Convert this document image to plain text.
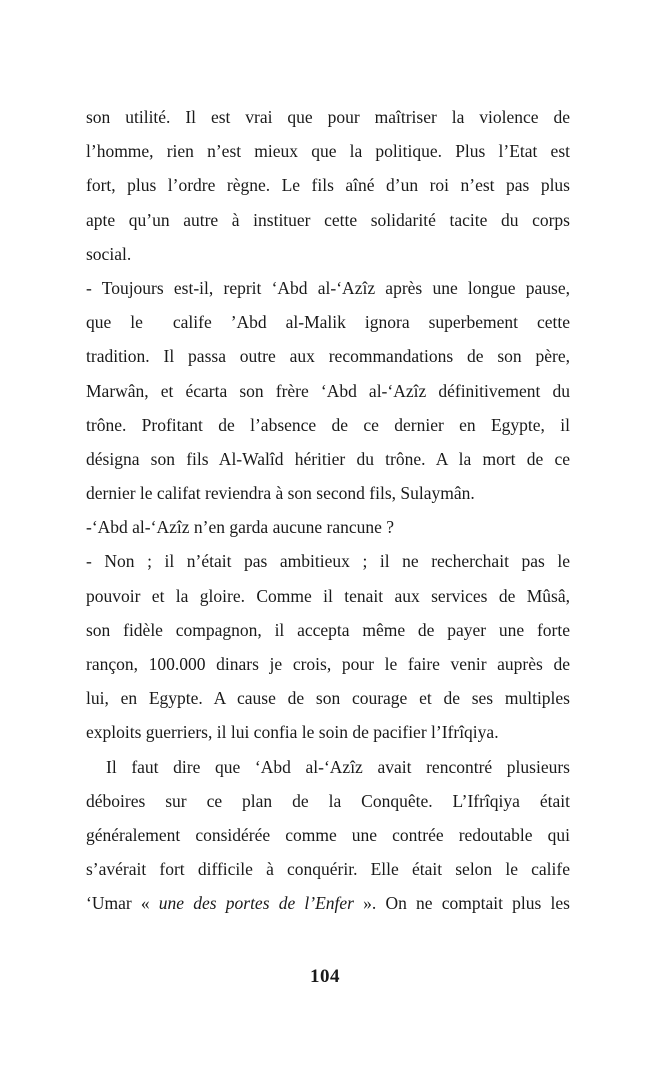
son utilité. Il est vrai que pour maîtriser la violence de
l’homme, rien n’est mieux que la politique. Plus l’Etat est
fort, plus l’ordre règne. Le fils aîné d’un roi n’est pas plus
apte qu’un autre à instituer cette solidarité tacite du corps
social.
- Toujours est-il, reprit ‘Abd al-‘Azîz après une longue pause,
que le calife ’Abd al-Malik ignora superbement cette
tradition. Il passa outre aux recommandations de son père,
Marwân, et écarta son frère ‘Abd al-‘Azîz définitivement du
trône. Profitant de l’absence de ce dernier en Egypte, il
désigna son fils Al-Walîd héritier du trône. A la mort de ce
dernier le califat reviendra à son second fils, Sulaymân.
-‘Abd al-‘Azîz n’en garda aucune rancune ?
- Non ; il n’était pas ambitieux ; il ne recherchait pas le
pouvoir et la gloire. Comme il tenait aux services de Mûsâ,
son fidèle compagnon, il accepta même de payer une forte
rançon, 100.000 dinars je crois, pour le faire venir auprès de
lui, en Egypte. A cause de son courage et de ses multiples
exploits guerriers, il lui confia le soin de pacifier l’Ifrîqiya.
Il faut dire que ‘Abd al-‘Azîz avait rencontré plusieurs
déboires sur ce plan de la Conquête. L’Ifrîqiya était
généralement considérée comme une contrée redoutable qui
s’avérait fort difficile à conquérir. Elle était selon le calife
‘Umar « une des portes de l’Enfer ». On ne comptait plus les
104
